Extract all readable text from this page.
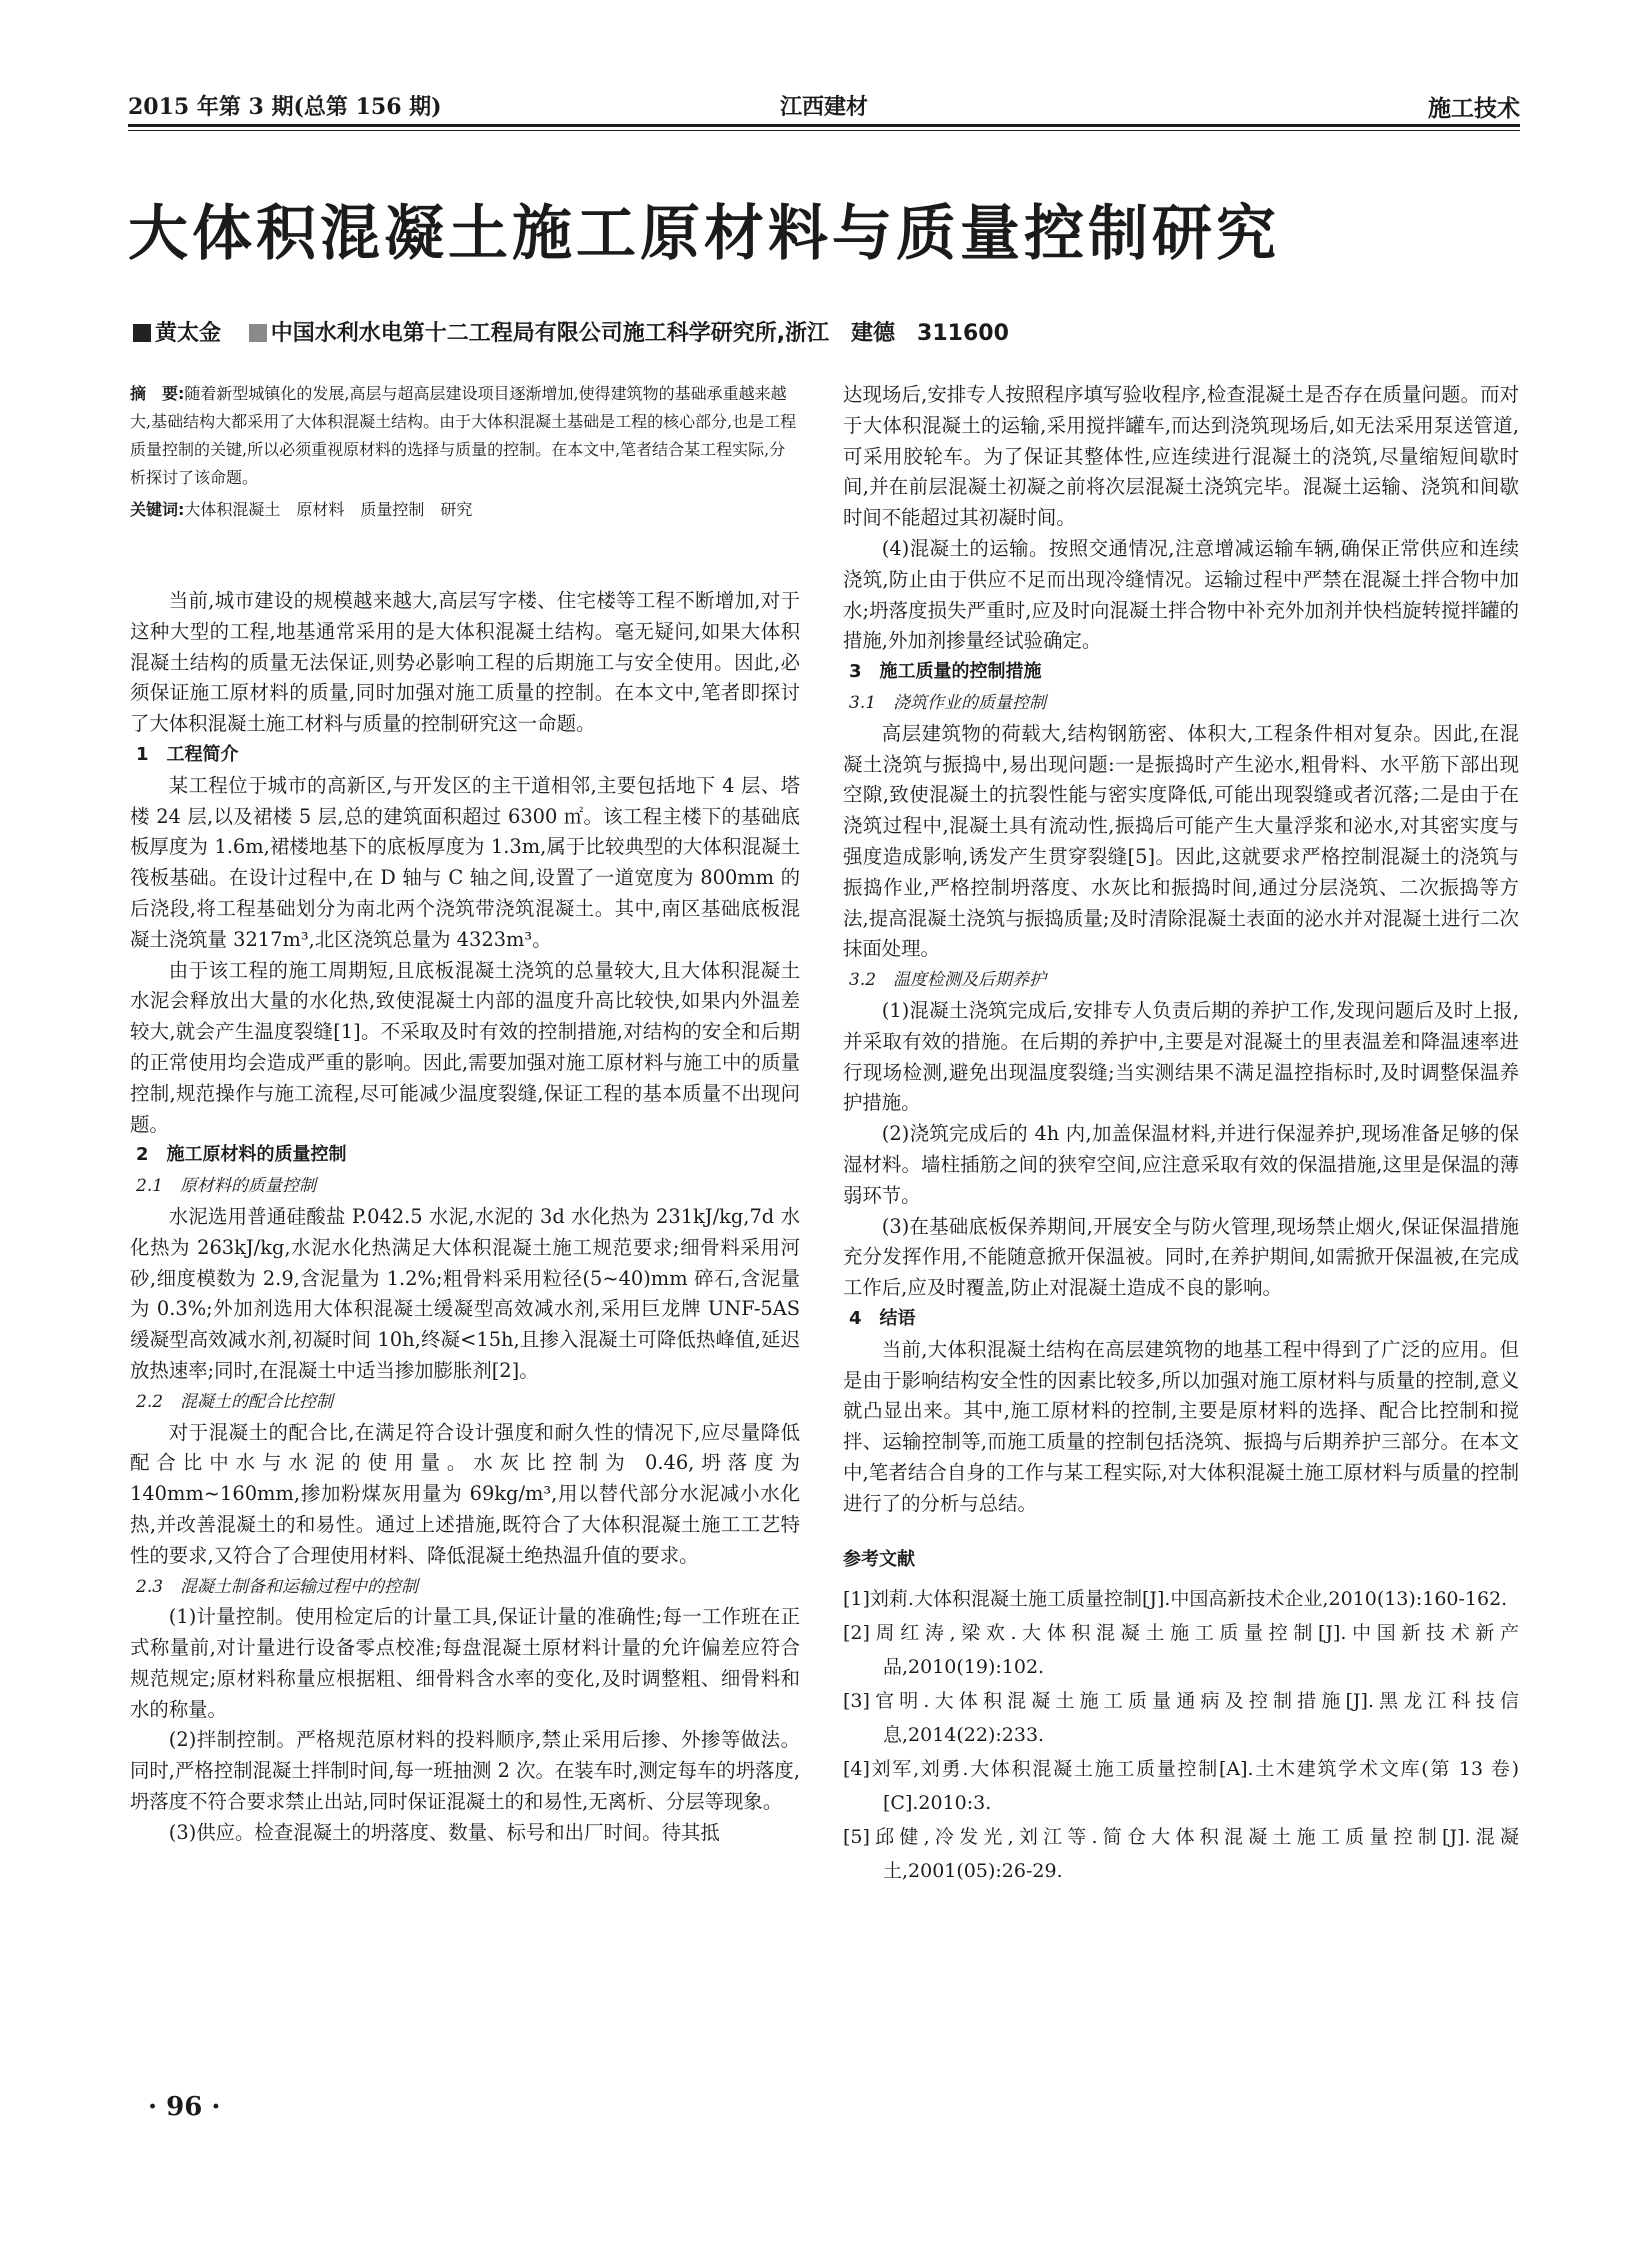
2015 年第 3 期(总第 156 期)	江西建材	施工技术
大体积混凝土施工原材料与质量控制研究
黄太金 中国水利水电第十二工程局有限公司施工科学研究所,浙江　建德　311600
摘　要:随着新型城镇化的发展,高层与超高层建设项目逐渐增加,使得建筑物的基础承重越来越大,基础结构大都采用了大体积混凝土结构。由于大体积混凝土基础是工程的核心部分,也是工程质量控制的关键,所以必须重视原材料的选择与质量的控制。在本文中,笔者结合某工程实际,分析探讨了该命题。
关键词:大体积混凝土　原材料　质量控制　研究

当前,城市建设的规模越来越大,高层写字楼、住宅楼等工程不断增加,对于这种大型的工程,地基通常采用的是大体积混凝土结构。毫无疑问,如果大体积混凝土结构的质量无法保证,则势必影响工程的后期施工与安全使用。因此,必须保证施工原材料的质量,同时加强对施工质量的控制。在本文中,笔者即探讨了大体积混凝土施工材料与质量的控制研究这一命题。

1　工程简介

某工程位于城市的高新区,与开发区的主干道相邻,主要包括地下 4 层、塔楼 24 层,以及裙楼 5 层,总的建筑面积超过 6300 ㎡。该工程主楼下的基础底板厚度为 1.6m,裙楼地基下的底板厚度为 1.3m,属于比较典型的大体积混凝土筏板基础。在设计过程中,在 D 轴与 C 轴之间,设置了一道宽度为 800mm 的后浇段,将工程基础划分为南北两个浇筑带浇筑混凝土。其中,南区基础底板混凝土浇筑量 3217m³,北区浇筑总量为 4323m³。

由于该工程的施工周期短,且底板混凝土浇筑的总量较大,且大体积混凝土水泥会释放出大量的水化热,致使混凝土内部的温度升高比较快,如果内外温差较大,就会产生温度裂缝[1]。不采取及时有效的控制措施,对结构的安全和后期的正常使用均会造成严重的影响。因此,需要加强对施工原材料与施工中的质量控制,规范操作与施工流程,尽可能减少温度裂缝,保证工程的基本质量不出现问题。

2　施工原材料的质量控制

2.1　原材料的质量控制

水泥选用普通硅酸盐 P.042.5 水泥,水泥的 3d 水化热为 231kJ/kg,7d 水化热为 263kJ/kg,水泥水化热满足大体积混凝土施工规范要求;细骨料采用河砂,细度模数为 2.9,含泥量为 1.2%;粗骨料采用粒径(5~40)mm 碎石,含泥量为 0.3%;外加剂选用大体积混凝土缓凝型高效减水剂,采用巨龙牌 UNF-5AS 缓凝型高效减水剂,初凝时间 10h,终凝<15h,且掺入混凝土可降低热峰值,延迟放热速率;同时,在混凝土中适当掺加膨胀剂[2]。

2.2　混凝土的配合比控制

对于混凝土的配合比,在满足符合设计强度和耐久性的情况下,应尽量降低配合比中水与水泥的使用量。水灰比控制为 0.46,坍落度为 140mm~160mm,掺加粉煤灰用量为 69kg/m³,用以替代部分水泥减小水化热,并改善混凝土的和易性。通过上述措施,既符合了大体积混凝土施工工艺特性的要求,又符合了合理使用材料、降低混凝土绝热温升值的要求。

2.3　混凝土制备和运输过程中的控制

(1)计量控制。使用检定后的计量工具,保证计量的准确性;每一工作班在正式称量前,对计量进行设备零点校准;每盘混凝土原材料计量的允许偏差应符合规范规定;原材料称量应根据粗、细骨料含水率的变化,及时调整粗、细骨料和水的称量。

(2)拌制控制。严格规范原材料的投料顺序,禁止采用后掺、外掺等做法。同时,严格控制混凝土拌制时间,每一班抽测 2 次。在装车时,测定每车的坍落度,坍落度不符合要求禁止出站,同时保证混凝土的和易性,无离析、分层等现象。

(3)供应。检查混凝土的坍落度、数量、标号和出厂时间。待其抵

达现场后,安排专人按照程序填写验收程序,检查混凝土是否存在质量问题。而对于大体积混凝土的运输,采用搅拌罐车,而达到浇筑现场后,如无法采用泵送管道,可采用胶轮车。为了保证其整体性,应连续进行混凝土的浇筑,尽量缩短间歇时间,并在前层混凝土初凝之前将次层混凝土浇筑完毕。混凝土运输、浇筑和间歇时间不能超过其初凝时间。

(4)混凝土的运输。按照交通情况,注意增减运输车辆,确保正常供应和连续浇筑,防止由于供应不足而出现冷缝情况。运输过程中严禁在混凝土拌合物中加水;坍落度损失严重时,应及时向混凝土拌合物中补充外加剂并快档旋转搅拌罐的措施,外加剂掺量经试验确定。

3　施工质量的控制措施

3.1　浇筑作业的质量控制

高层建筑物的荷载大,结构钢筋密、体积大,工程条件相对复杂。因此,在混凝土浇筑与振捣中,易出现问题:一是振捣时产生泌水,粗骨料、水平筋下部出现空隙,致使混凝土的抗裂性能与密实度降低,可能出现裂缝或者沉落;二是由于在浇筑过程中,混凝土具有流动性,振捣后可能产生大量浮浆和泌水,对其密实度与强度造成影响,诱发产生贯穿裂缝[5]。因此,这就要求严格控制混凝土的浇筑与振捣作业,严格控制坍落度、水灰比和振捣时间,通过分层浇筑、二次振捣等方法,提高混凝土浇筑与振捣质量;及时清除混凝土表面的泌水并对混凝土进行二次抹面处理。

3.2　温度检测及后期养护

(1)混凝土浇筑完成后,安排专人负责后期的养护工作,发现问题后及时上报,并采取有效的措施。在后期的养护中,主要是对混凝土的里表温差和降温速率进行现场检测,避免出现温度裂缝;当实测结果不满足温控指标时,及时调整保温养护措施。

(2)浇筑完成后的 4h 内,加盖保温材料,并进行保湿养护,现场准备足够的保湿材料。墙柱插筋之间的狭窄空间,应注意采取有效的保温措施,这里是保温的薄弱环节。

(3)在基础底板保养期间,开展安全与防火管理,现场禁止烟火,保证保温措施充分发挥作用,不能随意掀开保温被。同时,在养护期间,如需掀开保温被,在完成工作后,应及时覆盖,防止对混凝土造成不良的影响。

4　结语

当前,大体积混凝土结构在高层建筑物的地基工程中得到了广泛的应用。但是由于影响结构安全性的因素比较多,所以加强对施工原材料与质量的控制,意义就凸显出来。其中,施工原材料的控制,主要是原材料的选择、配合比控制和搅拌、运输控制等,而施工质量的控制包括浇筑、振捣与后期养护三部分。在本文中,笔者结合自身的工作与某工程实际,对大体积混凝土施工原材料与质量的控制进行了的分析与总结。

参考文献

[1]刘莉.大体积混凝土施工质量控制[J].中国高新技术企业,2010(13):160-162.

[2]周红涛,梁欢.大体积混凝土施工质量控制[J].中国新技术新产品,2010(19):102.

[3]官明.大体积混凝土施工质量通病及控制措施[J].黑龙江科技信息,2014(22):233.

[4]刘军,刘勇.大体积混凝土施工质量控制[A].土木建筑学术文库(第 13 卷)[C].2010:3.

[5]邱健,冷发光,刘江等.简仓大体积混凝土施工质量控制[J].混凝土,2001(05):26-29.

· 96 ·
